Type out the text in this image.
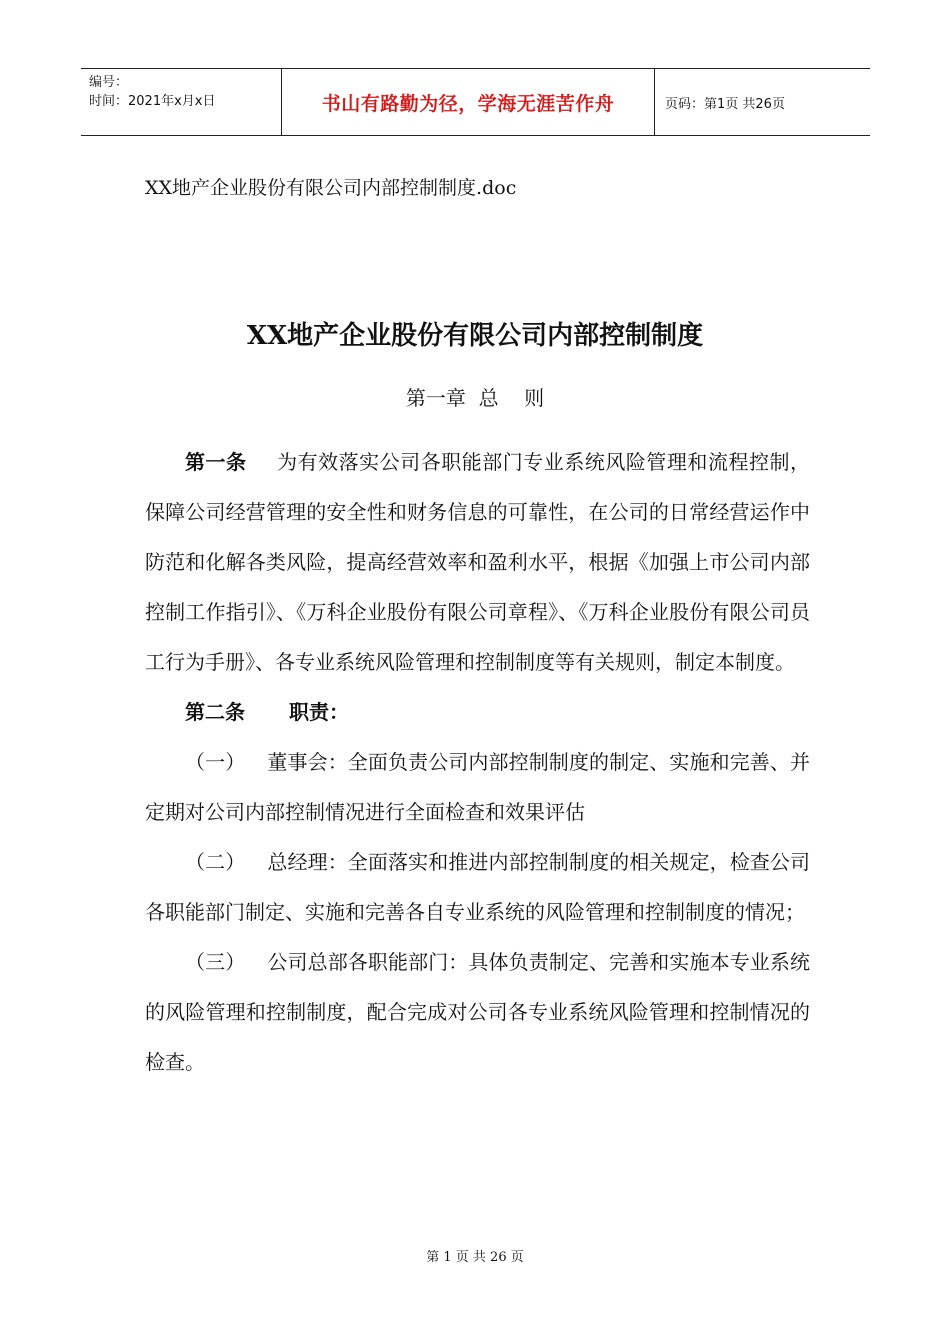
编号：
时间：2021年x月x日	书山有路勤为径，学海无涯苦作舟	页码：第1页 共26页
XX地产企业股份有限公司内部控制制度.doc
XX地产企业股份有限公司内部控制制度
第一章  总    则

第一条 为有效落实公司各职能部门专业系统风险管理和流程控制，保障公司经营管理的安全性和财务信息的可靠性，在公司的日常经营运作中防范和化解各类风险，提高经营效率和盈利水平，根据《加强上市公司内部控制工作指引》、《万科企业股份有限公司章程》、《万科企业股份有限公司员工行为手册》、各专业系统风险管理和控制制度等有关规则，制定本制度。

第二条 职责：

（一） 董事会：全面负责公司内部控制制度的制定、实施和完善、并定期对公司内部控制情况进行全面检查和效果评估

（二） 总经理：全面落实和推进内部控制制度的相关规定，检查公司各职能部门制定、实施和完善各自专业系统的风险管理和控制制度的情况；

（三） 公司总部各职能部门：具体负责制定、完善和实施本专业系统的风险管理和控制制度，配合完成对公司各专业系统风险管理和控制情况的检查。

第 1 页 共 26 页
